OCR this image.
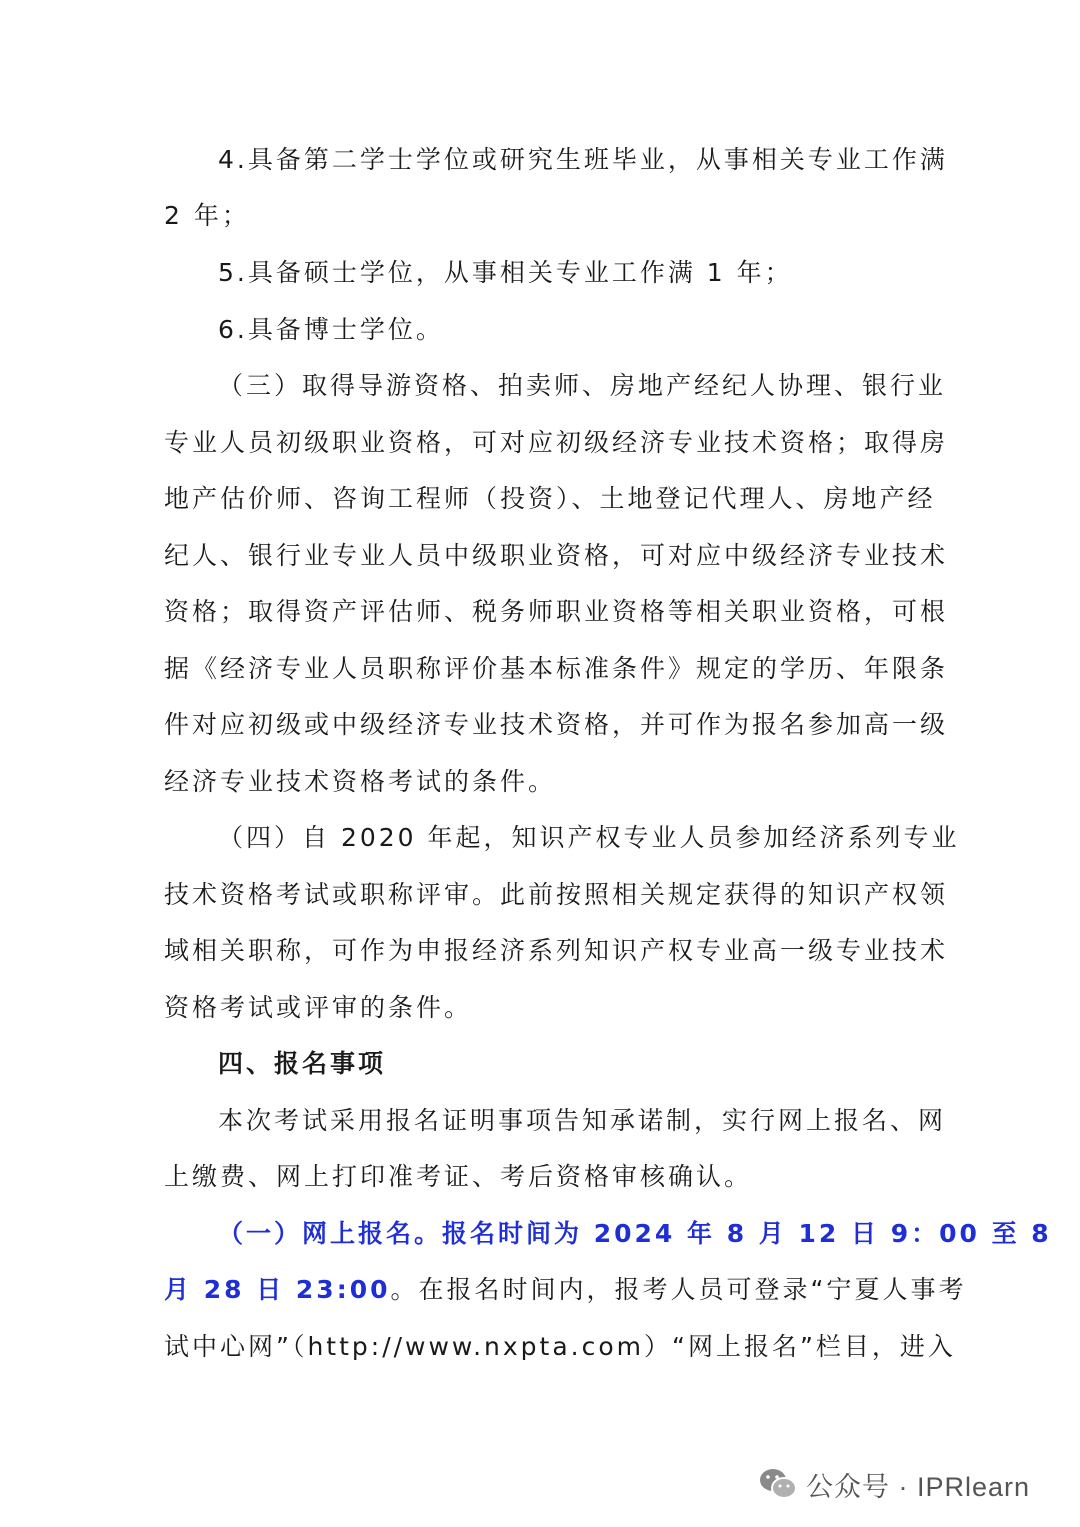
4.具备第二学士学位或研究生班毕业，从事相关专业工作满
2 年；
5.具备硕士学位，从事相关专业工作满 1 年；
6.具备博士学位。
（三）取得导游资格、拍卖师、房地产经纪人协理、银行业
专业人员初级职业资格，可对应初级经济专业技术资格；取得房
地产估价师、咨询工程师（投资）、土地登记代理人、房地产经
纪人、银行业专业人员中级职业资格，可对应中级经济专业技术
资格；取得资产评估师、税务师职业资格等相关职业资格，可根
据《经济专业人员职称评价基本标准条件》规定的学历、年限条
件对应初级或中级经济专业技术资格，并可作为报名参加高一级
经济专业技术资格考试的条件。
（四）自 2020 年起，知识产权专业人员参加经济系列专业
技术资格考试或职称评审。此前按照相关规定获得的知识产权领
域相关职称，可作为申报经济系列知识产权专业高一级专业技术
资格考试或评审的条件。
四、报名事项
本次考试采用报名证明事项告知承诺制，实行网上报名、网
上缴费、网上打印准考证、考后资格审核确认。
（一）网上报名。报名时间为 2024 年 8 月 12 日 9：00 至 8
月 28 日 23:00。在报名时间内，报考人员可登录“宁夏人事考
试中心网”（http://www.nxpta.com）“网上报名”栏目，进入
公众号 · IPRlearn
